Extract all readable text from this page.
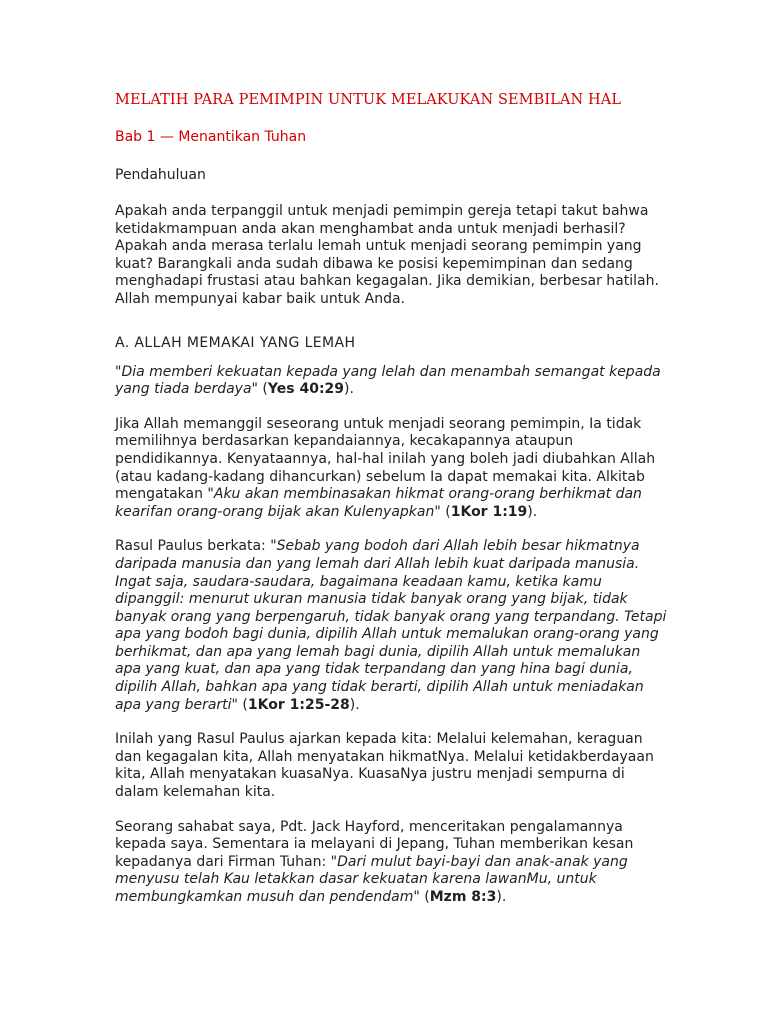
MELATIH PARA PEMIMPIN UNTUK MELAKUKAN SEMBILAN HAL
Bab 1 — Menantikan Tuhan
Pendahuluan

Apakah anda terpanggil untuk menjadi pemimpin gereja tetapi takut bahwa ketidakmampuan anda akan menghambat anda untuk menjadi berhasil? Apakah anda merasa terlalu lemah untuk menjadi seorang pemimpin yang kuat? Barangkali anda sudah dibawa ke posisi kepemimpinan dan sedang menghadapi frustasi atau bahkan kegagalan. Jika demikian, berbesar hatilah. Allah mempunyai kabar baik untuk Anda.

A. ALLAH MEMAKAI YANG LEMAH

"Dia memberi kekuatan kepada yang lelah dan menambah semangat kepada yang tiada berdaya" (Yes 40:29).

Jika Allah memanggil seseorang untuk menjadi seorang pemimpin, Ia tidak memilihnya berdasarkan kepandaiannya, kecakapannya ataupun pendidikannya. Kenyataannya, hal-hal inilah yang boleh jadi diubahkan Allah (atau kadang-kadang dihancurkan) sebelum Ia dapat memakai kita. Alkitab mengatakan "Aku akan membinasakan hikmat orang-orang berhikmat dan kearifan orang-orang bijak akan Kulenyapkan" (1Kor 1:19).

Rasul Paulus berkata: "Sebab yang bodoh dari Allah lebih besar hikmatnya daripada manusia dan yang lemah dari Allah lebih kuat daripada manusia. Ingat saja, saudara-saudara, bagaimana keadaan kamu, ketika kamu dipanggil: menurut ukuran manusia tidak banyak orang yang bijak, tidak banyak orang yang berpengaruh, tidak banyak orang yang terpandang. Tetapi apa yang bodoh bagi dunia, dipilih Allah untuk memalukan orang-orang yang berhikmat, dan apa yang lemah bagi dunia, dipilih Allah untuk memalukan apa yang kuat, dan apa yang tidak terpandang dan yang hina bagi dunia, dipilih Allah, bahkan apa yang tidak berarti, dipilih Allah untuk meniadakan apa yang berarti" (1Kor 1:25-28).

Inilah yang Rasul Paulus ajarkan kepada kita: Melalui kelemahan, keraguan dan kegagalan kita, Allah menyatakan hikmatNya. Melalui ketidakberdayaan kita, Allah menyatakan kuasaNya. KuasaNya justru menjadi sempurna di dalam kelemahan kita.

Seorang sahabat saya, Pdt. Jack Hayford, menceritakan pengalamannya kepada saya. Sementara ia melayani di Jepang, Tuhan memberikan kesan kepadanya dari Firman Tuhan: "Dari mulut bayi-bayi dan anak-anak yang menyusu telah Kau letakkan dasar kekuatan karena lawanMu, untuk membungkamkan musuh dan pendendam" (Mzm 8:3).
